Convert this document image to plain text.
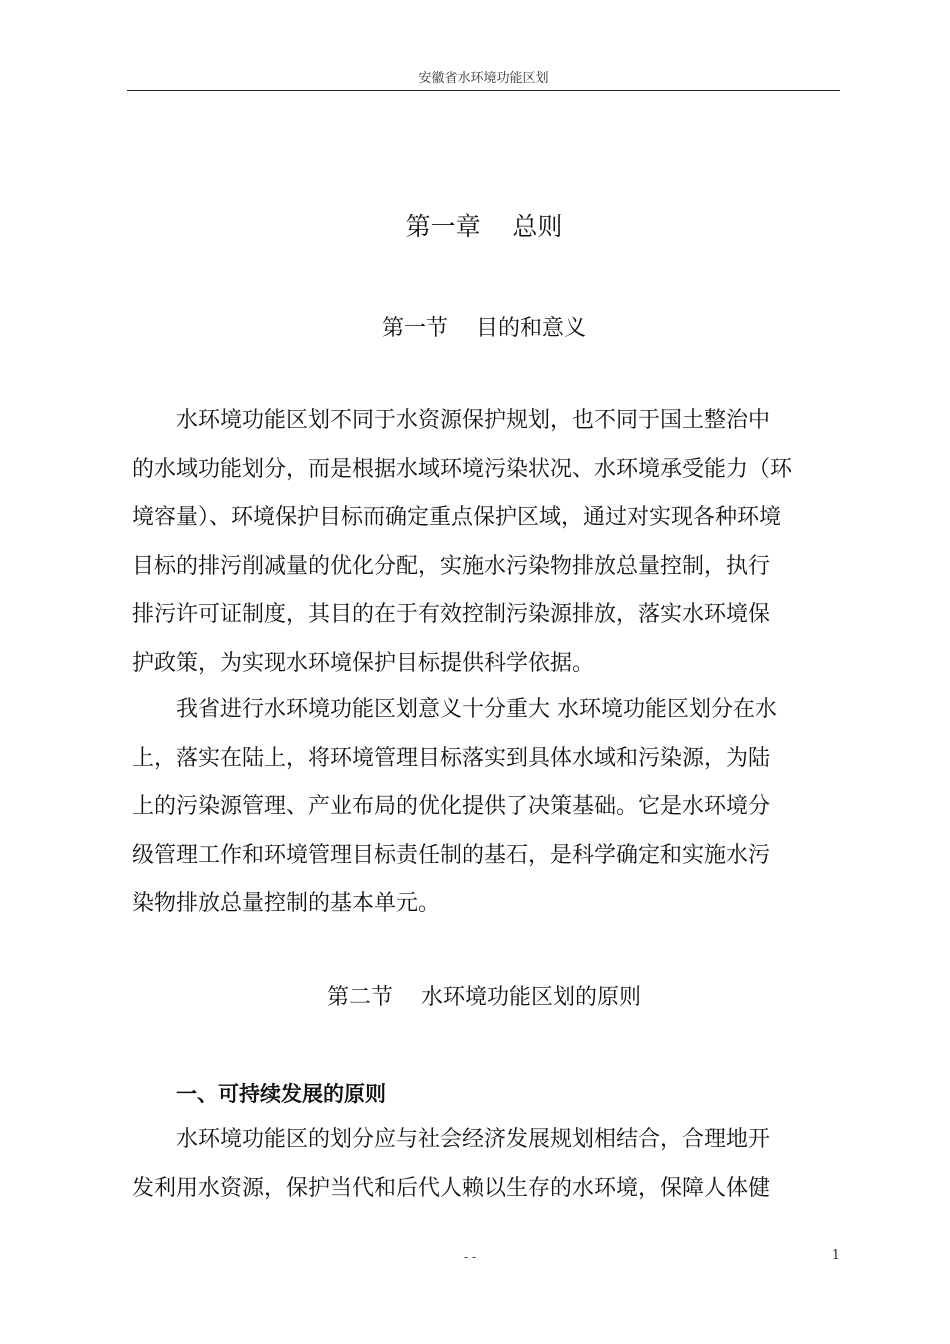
安徽省水环境功能区划
第一章    总则
第一节    目的和意义
水环境功能区划不同于水资源保护规划，也不同于国土整治中
的水域功能划分，而是根据水域环境污染状况、水环境承受能力（环
境容量）、环境保护目标而确定重点保护区域，通过对实现各种环境
目标的排污削减量的优化分配，实施水污染物排放总量控制，执行
排污许可证制度，其目的在于有效控制污染源排放，落实水环境保
护政策，为实现水环境保护目标提供科学依据。
我省进行水环境功能区划意义十分重大 水环境功能区划分在水
上，落实在陆上，将环境管理目标落实到具体水域和污染源，为陆
上的污染源管理、产业布局的优化提供了决策基础。它是水环境分
级管理工作和环境管理目标责任制的基石，是科学确定和实施水污
染物排放总量控制的基本单元。
第二节    水环境功能区划的原则
一、可持续发展的原则
水环境功能区的划分应与社会经济发展规划相结合，合理地开
发利用水资源，保护当代和后代人赖以生存的水环境，保障人体健
- -	1
